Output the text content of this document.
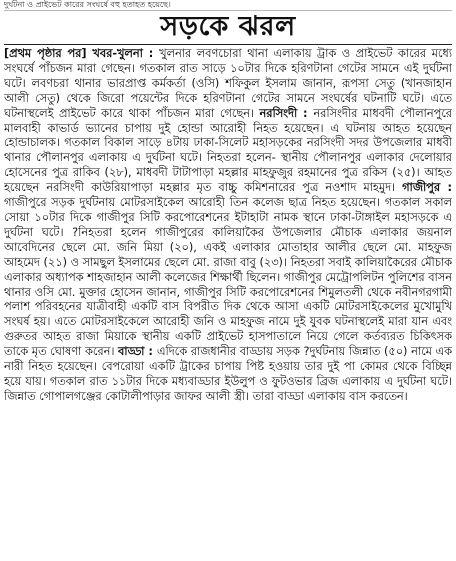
দুর্ঘটনা ও প্রাইভেট কারের সংঘর্ষে বহু হতাহত হয়েছে।
সড়কে ঝরল
[প্রথম পৃষ্ঠার পর] খবর-খুলনা : খুলনার লবণচোরা থানা এলাকায় ট্রাক ও প্রাইভেট কারের মধ্যে সংঘর্ষে পাঁচজন মারা গেছেন। গতকাল রাত সাড়ে ১০টার দিকে হরিণটানা গেটের সামনে এই দুর্ঘটনা ঘটে। লবণচরা থানার ভারপ্রাপ্ত কর্মকর্তা (ওসি) শফিকুল ইসলাম জানান, রূপসা সেতু (খানজাহান আলী সেতু) থেকে জিরো পয়েন্টের দিকে হরিণটানা গেটের সামনে সংঘর্ষের ঘটনাটি ঘটে। এতে ঘটনাস্থলেই প্রাইভেট কারে থাকা পাঁচজন মারা গেছেন। নরসিংদী : নরসিংদীর মাধবদী পৌলানপুরে মালবাহী কাভার্ড ভ্যানের চাপায় দুই হোন্ডা আরোহী নিহত হয়েছেন। এ ঘটনায় আহত হয়েছেন হোন্ডাচালক। গতকাল বিকাল সাড়ে ৪টায় ঢাকা-সিলেট মহাসড়কের নরসিংদী সদর উপজেলার মাধবী থানার পৌলানপুর এলাকায় এ দুর্ঘটনা ঘটে। নিহতরা হলেন- স্থানীয় পৌলানপুর এলাকার দেলোয়ার হোসেনের পুত্র রাকিব (২৮), মাধবদী টাটাপাড়া মহল্লার মাহফুজুর রহমানের পুত্র রকিস (২৫)। আহত হয়েছেন নরসিংদী কাউরিয়াপাড়া মহল্লার মৃত বাচ্চু কমিশনারের পুত্র নওশাদ মাহমুদ। গাজীপুর : গাজীপুরে সড়ক দুর্ঘটনায় মোটরসাইকেল আরোহী তিন কলেজ ছাত্র নিহত হয়েছেন। গতকাল সকাল সোয়া ১০টার দিকে গাজীপুর সিটি করপোরেশনের ইটাহাটা নামক স্থানে ঢাকা-টাঙ্গাইল মহাসড়কে এ দুর্ঘটনা ঘটে। ?নিহতরা হলেন গাজীপুরের কালিয়াকৈর উপজেলার মৌচাক এলাকার জয়নাল আবেদিনের ছেলে মো. জনি মিয়া (২০), একই এলাকার মোতাহার আলীর ছেলে মো. মাহফুজ আহমেদ (২১) ও সামছুল ইসলামের ছেলে মো. রাজা বাবু (২৩)। নিহতরা সবাই কালিয়াকৈরের মৌচাক এলাকার অধ্যাপক শাহজাহান আলী কলেজের শিক্ষার্থী ছিলেন। গাজীপুর মেট্রোপলিটন পুলিশের বাসন থানার ওসি মো. মুক্তার হোসেন জানান, গাজীপুর সিটি করপোরেশনের শিমুলতলী থেকে নবীনগরগামী পলাশ পরিবহনের যাত্রীবাহী একটি বাস বিপরীত দিক থেকে আসা একটি মোটরসাইকেলের মুখোমুখি সংঘর্ষ হয়। এতে মোটরসাইকেলে আরোহী জনি ও মাহফুজ নামে দুই যুবক ঘটনাস্থলেই মারা যান এবং গুরুতর আহত রাজা মিয়াকে স্থানীয় একটি প্রাইভেট হাসপাতালে নিয়ে গেলে কর্তব্যরত চিকিৎসক তাকে মৃত ঘোষণা করেন। বাড্ডা : এদিকে রাজধানীর বাড্ডায় সড়ক ?দুর্ঘটনায় জিন্নাত (৫০) নামে এক নারী নিহত হয়েছেন। বেপরোয়া একটি ট্রাকের চাপায় পিষ্ট হওয়ায় তার দুই পা কোমর থেকে বিচ্ছিন্ন হয়ে যায়। গতকাল রাত ১১টার দিকে মধ্যবাড্ডার ইউলুপ ও ফুটওভার ব্রিজ এলাকায় এ দুর্ঘটনা ঘটে। জিন্নাত গোপালগঞ্জের কোটালীপাড়ার জাফর আলী স্ত্রী। তারা বাড্ডা এলাকায় বাস করতেন।
